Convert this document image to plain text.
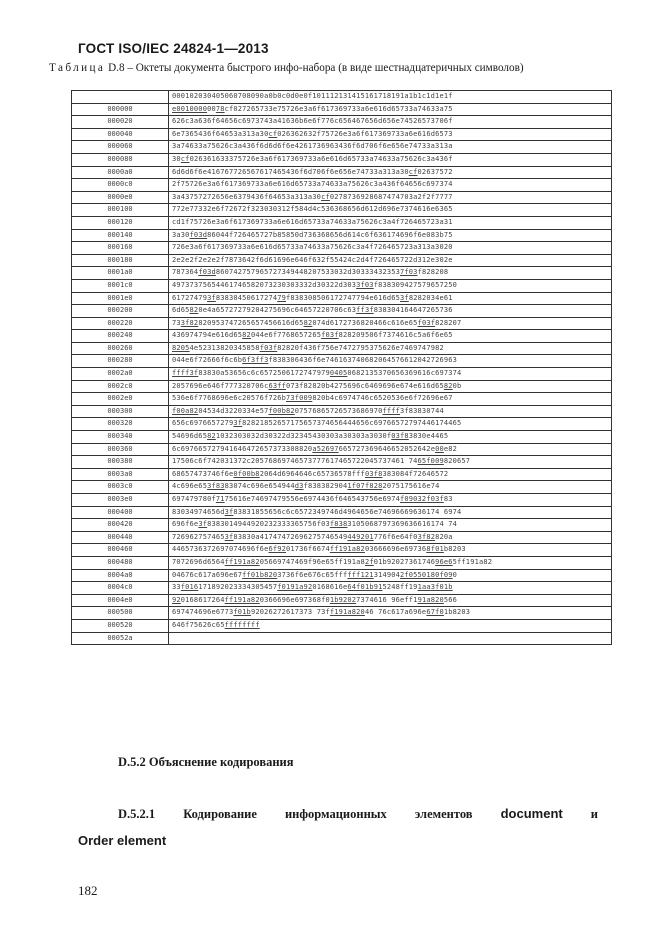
ГОСТ ISO/IEC 24824-1—2013
Таблица D.8 – Октеты документа быстрого инфо-набора (в виде шестнадцатеричных символов)
	000102030405060708090a0b0c0d0e0f101112131415161718191a1b1c1d1e1f
000000	e00100000078cf027265733e75726e3a6f617369733a6e616d65733a74633a75
000020	626c3a636f64656c6973743a41636b6e6f776c656467656d656e74526573706f
000040	6e7365436f64653a313a30cf026362632f75726e3a6f617369733a6e616d6573
000060	3a74633a75626c3a436f6d6d6f6e4261736963436f6d706f6e656e74733a313a
000080	30cf026361633375726e3a6f617369733a6e616d65733a74633a75626c3a436f
0000a0	6d6d6f6e416767726567617465436f6d706f6e656e74733a313a30cf02637572
0000c0	2f75726e3a6f617369733a6e616d65733a74633a75626c3a436f64656c697374
0000e0	3a43757272656e6379436f64653a313a30cf0278736928687474703a2f2f7777
000100	772e77332e6f72672f323030312f584d4c536368656d612d696e7374616e6365
000120	cd1f75726e3a6f617369733a6e616d65733a74633a75626c3a4f726465723a31
000140	3a30f03d86044f726465727b85850d736368656d614c6f636174696f6e083b75
000160	726e3a6f617369733a6e616d65733a74633a75626c3a4f726465723a313a3020
000180	2e2e2f2e2e2f7873642f6d61696e646f632f55424c2d4f726465722d312e302e
0001a0	787364f03d860742757965727349448207533032d303334323537f03f828208
0001c0	49737375654461746582073230303332d30322d3033f03f838309427579657250
0001e0	617274793f8383045061727479f838308506172747794e616d653f8282034e61
000200	6d65820e4a65727279204275696c64657220706c63ff3f838304164647265736
000220	733f82820953747265657456616d6582074d6172736820466c616e65f03f828207
000240	436974794e616d6582044e6f7768657265f03f828209506f7374616c5a6f6e65
000260	82054e52313820345858f03f82820f436f756e7472795375626e7469747982
000280	044e6f72666f6c6b6f3ff3f838306436f6e746163740682064576612042726963
0002a0	ffff3f83830a53656c6c657250617274797904050682135370656369616c697374
0002c0	2057696e646f777320706c63ff073f82820b4275696c6469696e674e616d65820b
0002e0	536e6f7768696e6c20576f726b73f009820b4c6974746c6520536e6f72696e67
000300	f00a8204534d3220334e57f00b8207576865726573686970ffff3f83830744
000320	656c69766572793f82821852657175657374656444656c69766572797446174465
000340	54696d65821032303032d30322d32345430303a30303a3030f03f83830e4465
000360	6c697665727941646472657373308820a52697665727369646652052642e00e82
000380	17506c6f742031372c20576869746573777617465722045737461 7465f009820657
0003a0	68657473746f6e0f00b82064d6964646c65736578fff03f8383084f72646572
0003c0	4c696e653f8383074c696e654944d3f8383829041f07f8282075175616e74
0003e0	697479780f7175616e74697479556e6974436f646543756e6974f09032f03f83
000400	83034974656d3f83831855656c6c6572349746d4964656e74696669636174 6974
000420	696f6e3f8383014944920232333365756f03f8383105068797369636616174 74
000440	7269627574653f83830a41747472696275746549449201776f6e64f03f82820a
000460	4465736372697074696f6e6f9201736f6674ff191a8203666696e697368f01b8203
000480	7072696d6564ff191a8205669747469f96e65ff191a82f01b9202736174696e65ff191a82
0004a0	04676c617a696e67ff01b8203736f6e676c65ffffff1213149042f0550180f090
0004c0	33f016171892023334305457f0191a920168616e64f01b915248ff191aa3f01b
0004e0	920168617264ff191a820366696e697368f01b92027374616 96eff191a820566
000500	697474696e6773f01b92026272617373 73ff191a82046 76c617a696e67f01b8203
000520	646f75626c65ffffffff
00052a	
D.5.2 Объяснение кодирования
D.5.2.1 Кодирование информационных элементов document и
Order element
182
